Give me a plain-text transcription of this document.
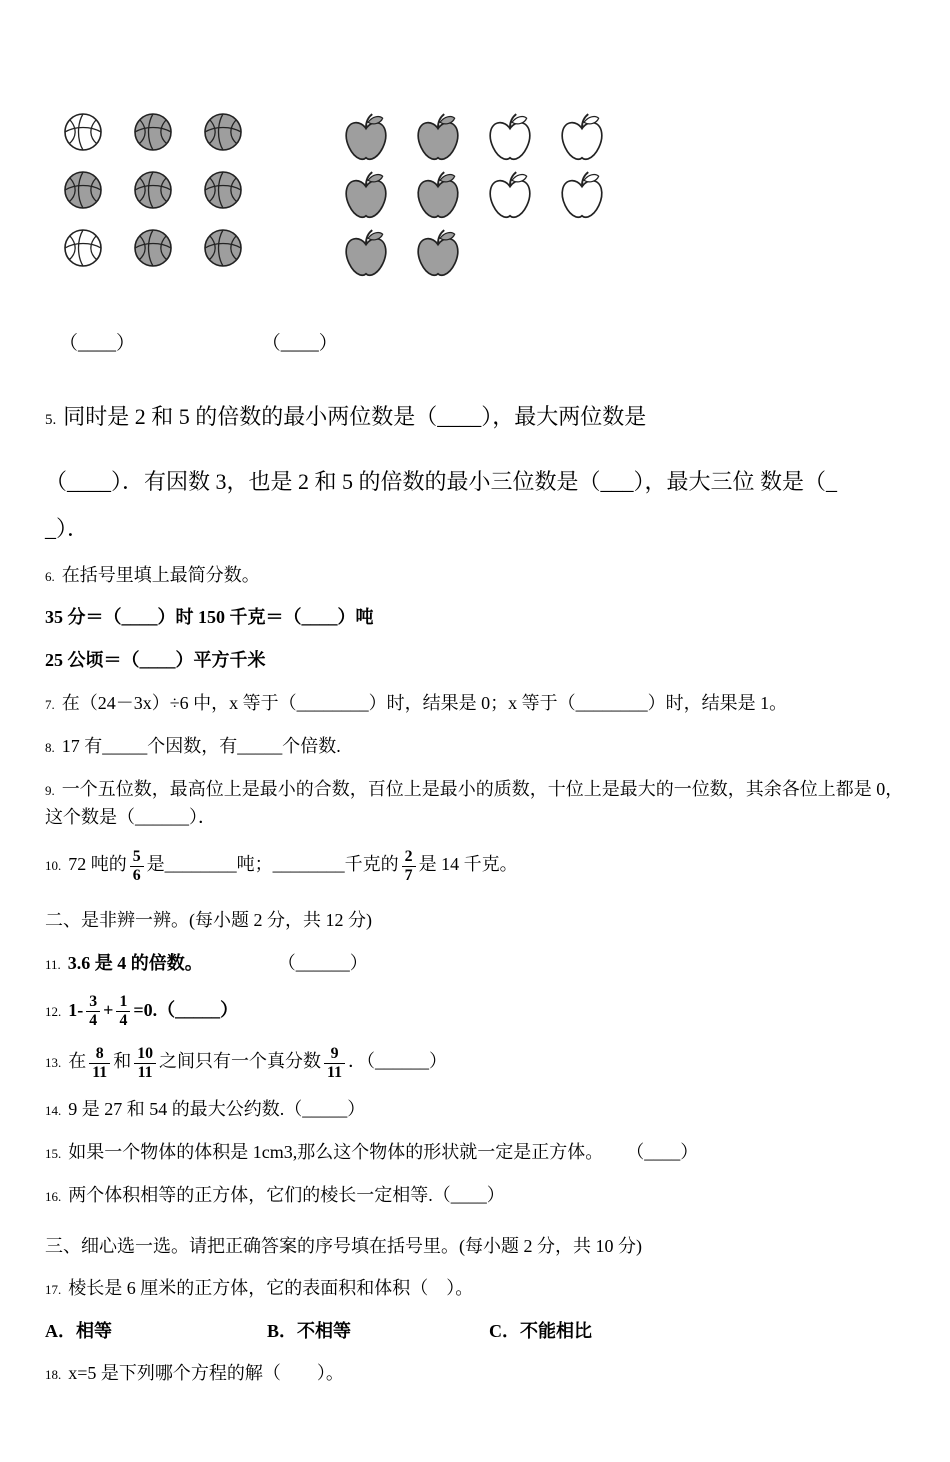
（____）	（____）
5. 同时是 2 和 5 的倍数的最小两位数是（____），最大两位数是
（____）．有因数 3，也是 2 和 5 的倍数的最小三位数是（___），最大三位 数是（_
_）．
6. 在括号里填上最简分数。
35 分＝（____）时 150 千克＝（____）吨
25 公顷＝（____）平方千米
7. 在（24－3x）÷6 中，x 等于（________）时，结果是 0；x 等于（________）时，结果是 1。
8. 17 有_____个因数，有_____个倍数.
9. 一个五位数，最高位上是最小的合数，百位上是最小的质数，十位上是最大的一位数，其余各位上都是 0，这个数是（______）．
10. 72 吨的 $\frac{5}{6}$ 是________吨；________千克的 $\frac{2}{7}$ 是 14 千克。
二、是非辨一辨。(每小题 2 分，共 12 分)
11. 3.6 是 4 的倍数。	（______）
12. $1- \frac{3}{4} + \frac{1}{4}$ =0.（_____）
13. 在 $\frac{8}{11}$ 和 $\frac{10}{11}$ 之间只有一个真分数 $\frac{9}{11}$ ．（______）
14. 9 是 27 和 54 的最大公约数.（_____）
15. 如果一个物体的体积是 1cm3,那么这个物体的形状就一定是正方体。 （____）
16. 两个体积相等的正方体，它们的棱长一定相等.（____）
三、细心选一选。请把正确答案的序号填在括号里。(每小题 2 分，共 10 分)
17. 棱长是 6 厘米的正方体，它的表面积和体积（　）。
A．相等	B．不相等	C．不能相比
18. x=5 是下列哪个方程的解（　　）。
